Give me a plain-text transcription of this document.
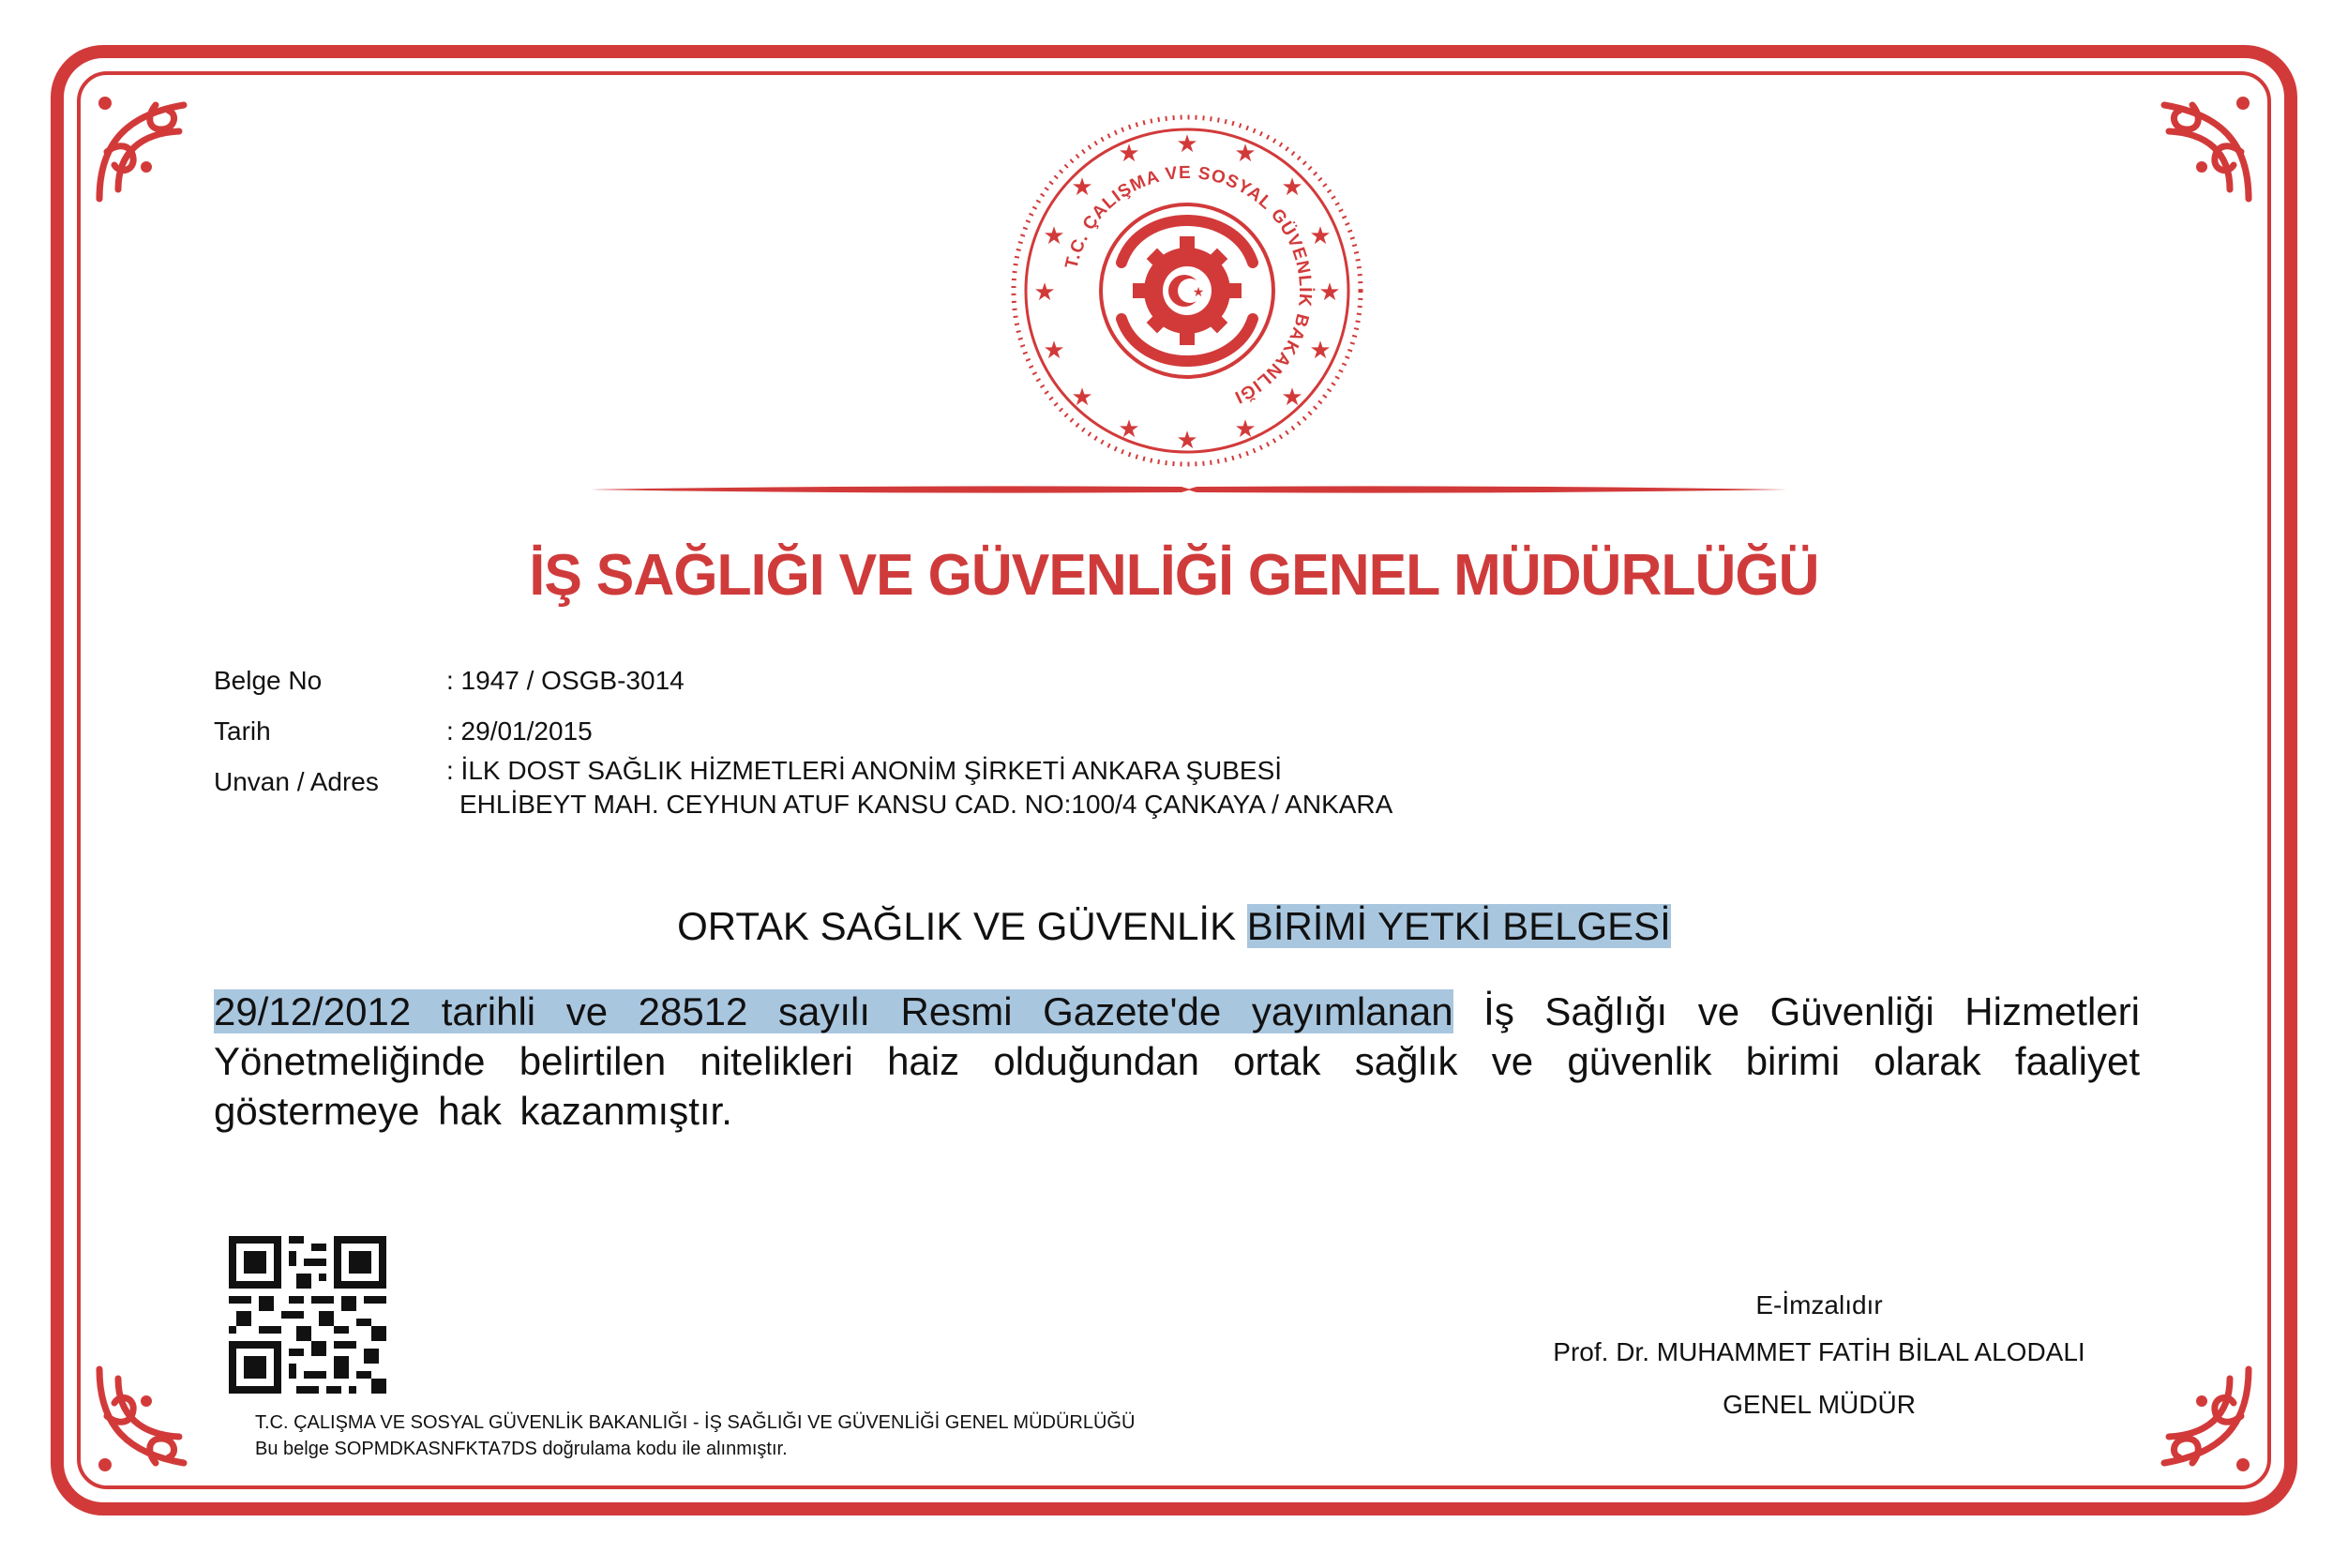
★ ★
★
★
★
★
★
★
★
★
★
★
★
★
★ ★
T.C. ÇALIŞMA VE SOSYAL GÜVENLİK BAKANLIĞI
★
İŞ SAĞLIĞI VE GÜVENLİĞİ GENEL MÜDÜRLÜĞÜ
Belge No	: 1947 / OSGB-3014
Tarih	: 29/01/2015
Unvan / Adres	: İLK DOST SAĞLIK HİZMETLERİ ANONİM ŞİRKETİ ANKARA ŞUBESİ
EHLİBEYT MAH. CEYHUN ATUF KANSU CAD. NO:100/4 ÇANKAYA / ANKARA
ORTAK SAĞLIK VE GÜVENLİK BİRİMİ YETKİ BELGESİ
29/12/2012 tarihli ve 28512 sayılı Resmi Gazete'de yayımlanan İş Sağlığı ve Güvenliği Hizmetleri Yönetmeliğinde belirtilen nitelikleri haiz olduğundan ortak sağlık ve güvenlik birimi olarak faaliyet göstermeye hak kazanmıştır.
T.C. ÇALIŞMA VE SOSYAL GÜVENLİK BAKANLIĞI - İŞ SAĞLIĞI VE GÜVENLİĞİ GENEL MÜDÜRLÜĞÜ
Bu belge SOPMDKASNFKTA7DS doğrulama kodu ile alınmıştır.
E-İmzalıdır
Prof. Dr. MUHAMMET FATİH BİLAL ALODALI
GENEL MÜDÜR
